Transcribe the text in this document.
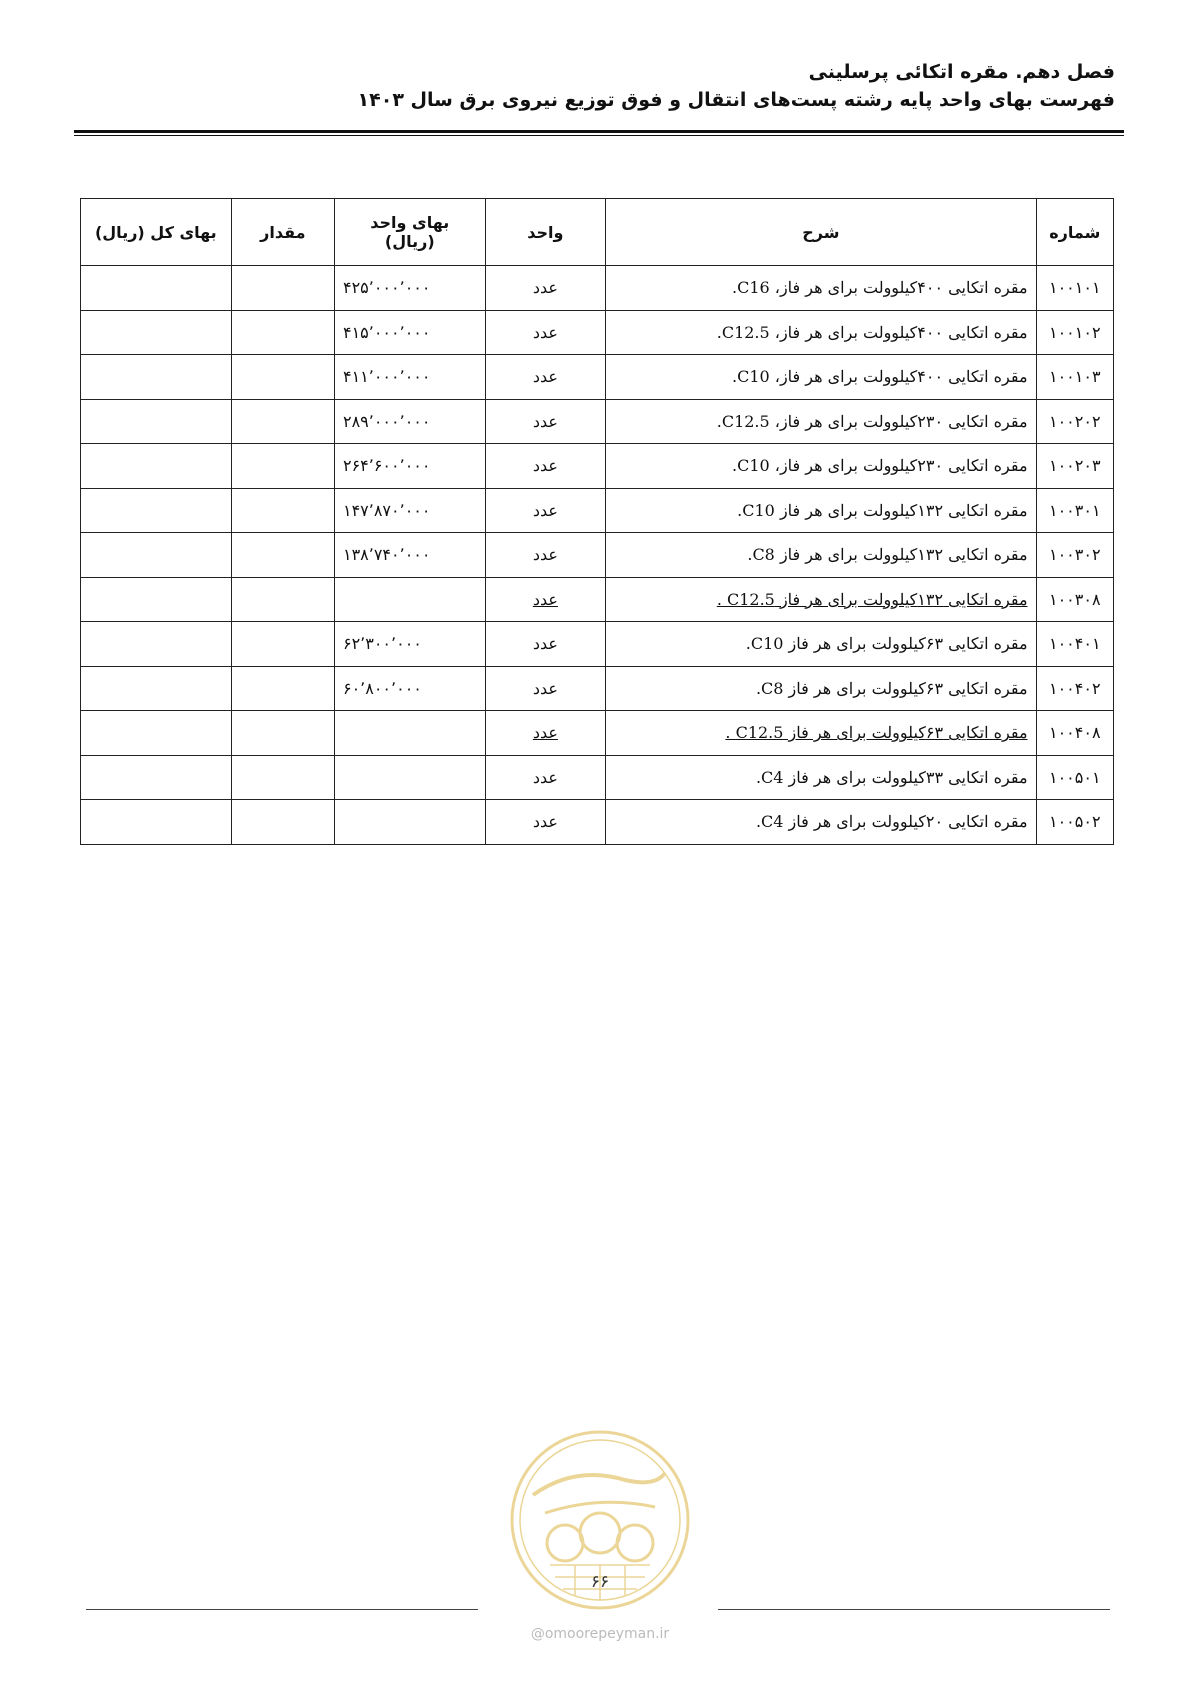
فصل دهم. مقره اتکائی پرسلینی
فهرست بهای واحد پایه رشته پست‌های انتقال و فوق توزیع نیروی برق سال ۱۴۰۳
شماره	شرح	واحد	بهای واحد (ریال)	مقدار	بهای کل (ریال)
۱۰۰۱۰۱	مقره اتکایی ۴۰۰کیلوولت برای هر فاز، C16.	عدد	۴۲۵٬۰۰۰٬۰۰۰		
۱۰۰۱۰۲	مقره اتکایی ۴۰۰کیلوولت برای هر فاز، C12.5.	عدد	۴۱۵٬۰۰۰٬۰۰۰		
۱۰۰۱۰۳	مقره اتکایی ۴۰۰کیلوولت برای هر فاز، C10.	عدد	۴۱۱٬۰۰۰٬۰۰۰		
۱۰۰۲۰۲	مقره اتکایی ۲۳۰کیلوولت برای هر فاز، C12.5.	عدد	۲۸۹٬۰۰۰٬۰۰۰		
۱۰۰۲۰۳	مقره اتکایی ۲۳۰کیلوولت برای هر فاز، C10.	عدد	۲۶۴٬۶۰۰٬۰۰۰		
۱۰۰۳۰۱	مقره اتکایی ۱۳۲کیلوولت برای هر فاز C10.	عدد	۱۴۷٬۸۷۰٬۰۰۰		
۱۰۰۳۰۲	مقره اتکایی ۱۳۲کیلوولت برای هر فاز C8.	عدد	۱۳۸٬۷۴۰٬۰۰۰		
۱۰۰۳۰۸	مقره اتکایی ۱۳۲کیلوولت برای هر فاز C12.5 .	عدد			
۱۰۰۴۰۱	مقره اتکایی ۶۳کیلوولت برای هر فاز C10.	عدد	۶۲٬۳۰۰٬۰۰۰		
۱۰۰۴۰۲	مقره اتکایی ۶۳کیلوولت برای هر فاز C8.	عدد	۶۰٬۸۰۰٬۰۰۰		
۱۰۰۴۰۸	مقره اتکایی ۶۳کیلوولت برای هر فاز C12.5 .	عدد			
۱۰۰۵۰۱	مقره اتکایی ۳۳کیلوولت برای هر فاز C4.	عدد			
۱۰۰۵۰۲	مقره اتکایی ۲۰کیلوولت برای هر فاز C4.	عدد			
۶۶
@omoorepeyman.ir
